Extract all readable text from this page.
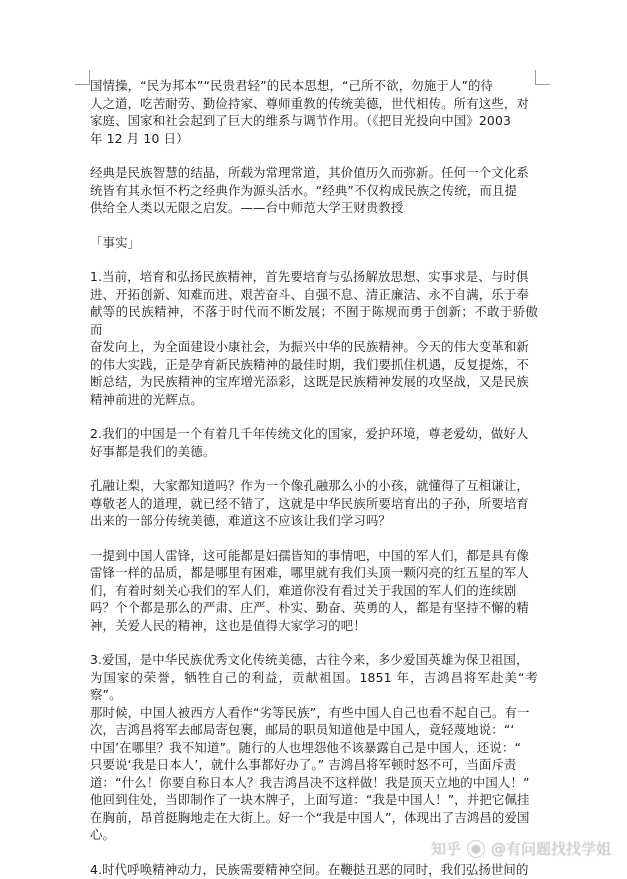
国情操，“民为邦本”“民贵君轻”的民本思想，“己所不欲，勿施于人”的待
人之道，吃苦耐劳、勤俭持家、尊师重教的传统美德，世代相传。所有这些，对
家庭、国家和社会起到了巨大的维系与调节作用。（《把目光投向中国》2003
年 12 月 10 日）

经典是民族智慧的结晶，所载为常理常道，其价值历久而弥新。任何一个文化系
统皆有其永恒不朽之经典作为源头活水。“经典”不仅构成民族之传统，而且提
供给全人类以无限之启发。——台中师范大学王财贵教授

「事实」

1.当前，培育和弘扬民族精神，首先要培育与弘扬解放思想、实事求是、与时俱
进、开拓创新、知难而进、艰苦奋斗、自强不息、清正廉洁、永不自满，乐于奉
献等的民族精神，不落于时代而不断发展；不囿于陈规而勇于创新；不敢于骄傲而
奋发向上，为全面建设小康社会，为振兴中华的民族精神。今天的伟大变革和新
的伟大实践，正是孕育新民族精神的最佳时期，我们要抓住机遇，反复提炼，不
断总结，为民族精神的宝库增光添彩，这既是民族精神发展的攻坚战，又是民族
精神前进的光辉点。

2.我们的中国是一个有着几千年传统文化的国家，爱护环境，尊老爱幼，做好人
好事都是我们的美德。

孔融让梨，大家都知道吗？作为一个像孔融那么小的小孩，就懂得了互相谦让，
尊敬老人的道理，就已经不错了，这就是中华民族所要培育出的子孙，所要培育
出来的一部分传统美德，难道这不应该让我们学习吗？

一提到中国人雷锋，这可能都是妇孺皆知的事情吧，中国的军人们，都是具有像
雷锋一样的品质，都是哪里有困难，哪里就有我们头顶一颗闪亮的红五星的军人
们，有着时刻关心我们的军人们，难道你没有看过关于我国的军人们的连续剧
吗？个个都是那么的严肃、庄严、朴实、勤奋、英勇的人，都是有坚持不懈的精
神，关爱人民的精神，这也是值得大家学习的吧！

3.爱国，是中华民族优秀文化传统美德，古往今来，多少爱国英雄为保卫祖国，
为国家的荣誉，牺牲自己的利益，贡献祖国。1851 年，吉鸿昌将军赴美“考察”。
那时候，中国人被西方人看作“劣等民族”，有些中国人自己也看不起自己。有一
次，吉鸿昌将军去邮局寄包裹，邮局的职员知道他是中国人，竟轻蔑地说：“‘
中国’在哪里？我不知道”。随行的人也埋怨他不该暴露自己是中国人，还说：“
只要说‘我是日本人’，就什么事都好办了。” 吉鸿昌将军顿时怒不可，当面斥责
道：“什么！你要自称日本人？我吉鸿昌决不这样做！我是顶天立地的中国人！”
他回到住处，当即制作了一块木牌子，上面写道：“我是中国人！”，并把它佩挂
在胸前，昂首挺胸地走在大街上。好一个“我是中国人”，体现出了吉鸿昌的爱国
心。

4.时代呼唤精神动力，民族需要精神空间。在鞭挞丑恶的同时，我们弘扬世间的

知乎 ● @有问题找找学姐
